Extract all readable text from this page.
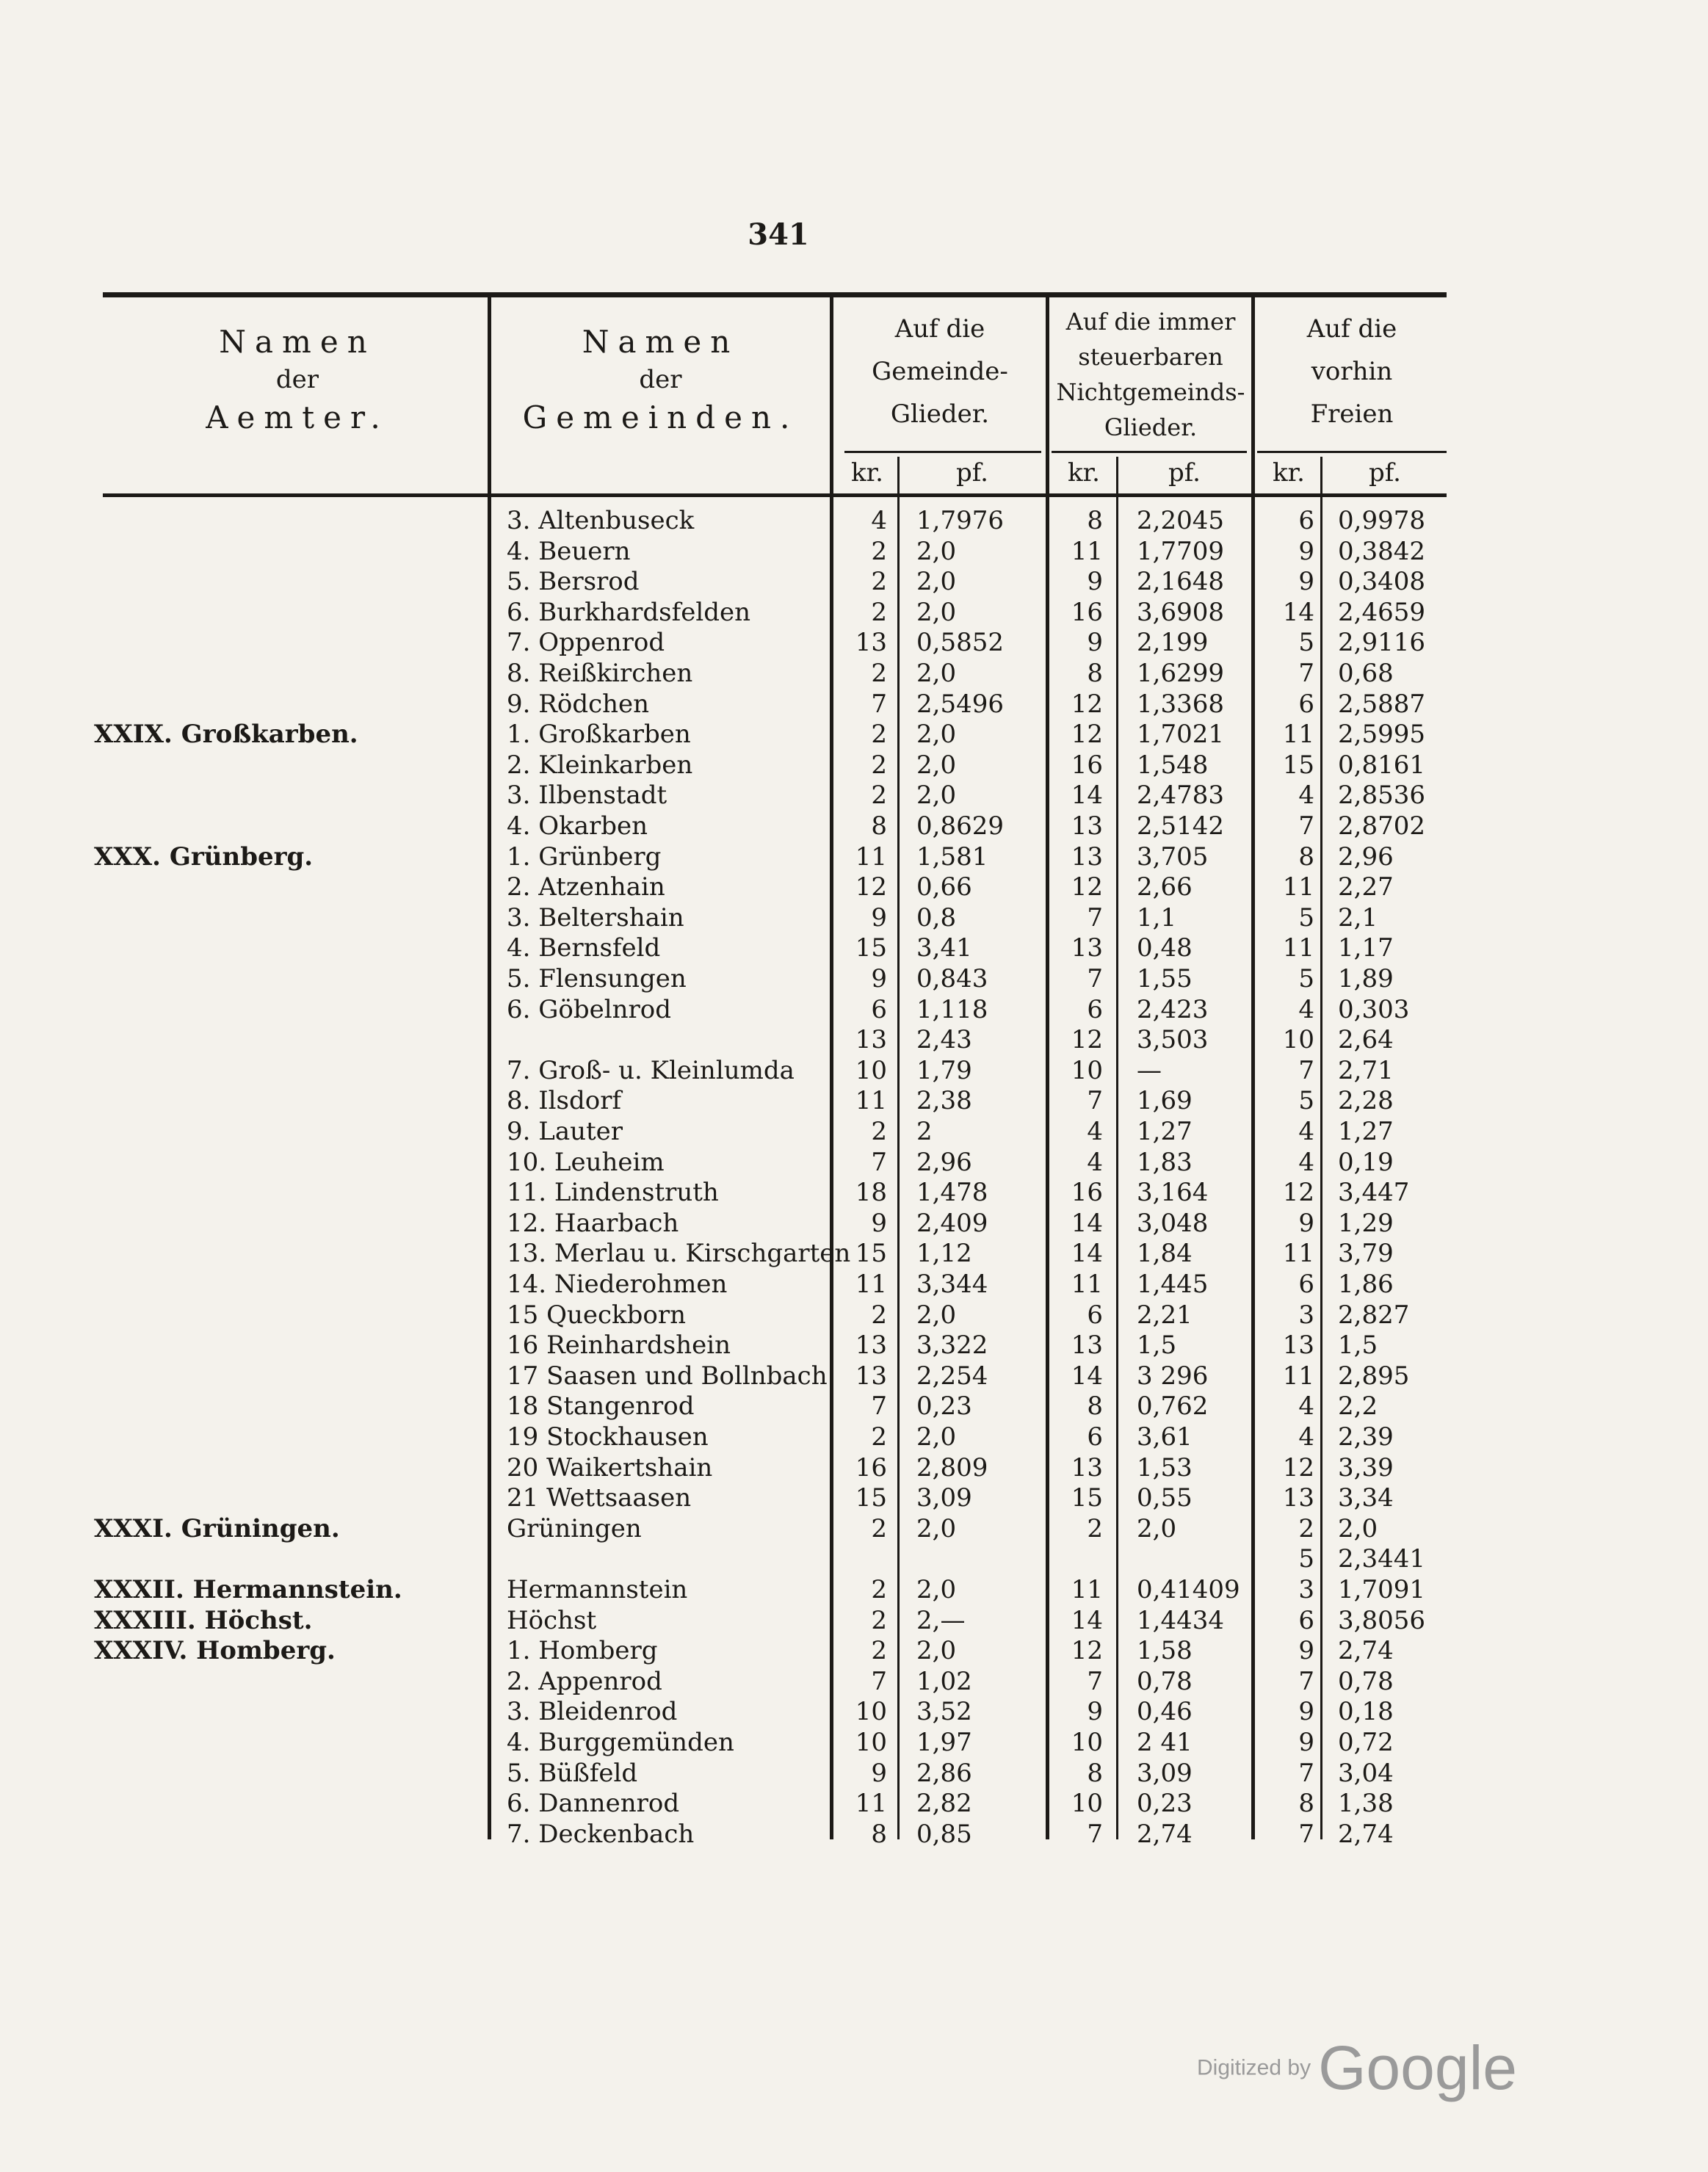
341
Namen
der
Aemter.
Namen
der
Gemeinden.
Auf die
Gemeinde-
Glieder.
Auf die immer
steuerbaren
Nichtgemeinds-
Glieder.
Auf die
vorhin
Freien
kr.	pf.	kr.	pf.	kr.	pf.
3. Altenbuseck	4 1,7976	8 2,2045	6 0,9978
4. Beuern	2 2,0	11 1,7709	9 0,3842
5. Bersrod	2 2,0	9 2,1648	9 0,3408
6. Burkhardsfelden	2 2,0	16 3,6908	14 2,4659
7. Oppenrod	13 0,5852	9 2,199	5 2,9116
8. Reißkirchen	2 2,0	8 1,6299	7 0,68
9. Rödchen	7 2,5496	12 1,3368	6 2,5887
XXIX. Großkarben.	1. Großkarben	2 2,0	12 1,7021	11 2,5995
2. Kleinkarben	2 2,0	16 1,548	15 0,8161
3. Ilbenstadt	2 2,0	14 2,4783	4 2,8536
4. Okarben	8 0,8629	13 2,5142	7 2,8702
XXX. Grünberg.	1. Grünberg	11 1,581	13 3,705	8 2,96
2. Atzenhain	12 0,66	12 2,66	11 2,27
3. Beltershain	9 0,8	7 1,1	5 2,1
4. Bernsfeld	15 3,41	13 0,48	11 1,17
5. Flensungen	9 0,843	7 1,55	5 1,89
6. Göbelnrod	6 1,118	6 2,423	4 0,303
13 2,43	12 3,503	10 2,64
7. Groß- u. Kleinlumda	10 1,79	10 —	7 2,71
8. Ilsdorf	11 2,38	7 1,69	5 2,28
9. Lauter	2 2	4 1,27	4 1,27
10. Leuheim	7 2,96	4 1,83	4 0,19
11. Lindenstruth	18 1,478	16 3,164	12 3,447
12. Haarbach	9 2,409	14 3,048	9 1,29
13. Merlau u. Kirschgarten 15 1,12	14 1,84	11 3,79
14. Niederohmen	11 3,344	11 1,445	6 1,86
15 Queckborn	2 2,0	6 2,21	3 2,827
16 Reinhardshein	13 3,322	13 1,5	13 1,5
17 Saasen und Bollnbach	13 2,254	14 3 296	11 2,895
18 Stangenrod	7 0,23	8 0,762	4 2,2
19 Stockhausen	2 2,0	6 3,61	4 2,39
20 Waikertshain	16 2,809	13 1,53	12 3,39
21 Wettsaasen	15 3,09	15 0,55	13 3,34
XXXI. Grüningen.	Grüningen	2 2,0	2 2,0	2 2,0
5 2,3441
XXXII. Hermannstein.	Hermannstein	2 2,0	11 0,41409	3 1,7091
XXXIII. Höchst.	Höchst	2 2,—	14 1,4434	6 3,8056
XXXIV. Homberg.	1. Homberg	2 2,0	12 1,58	9 2,74
2. Appenrod	7 1,02	7 0,78	7 0,78
3. Bleidenrod	10 3,52	9 0,46	9 0,18
4. Burggemünden	10 1,97	10 2 41	9 0,72
5. Büßfeld	9 2,86	8 3,09	7 3,04
6. Dannenrod	11 2,82	10 0,23	8 1,38
7. Deckenbach	8 0,85	7 2,74	7 2,74
Digitized by Google
